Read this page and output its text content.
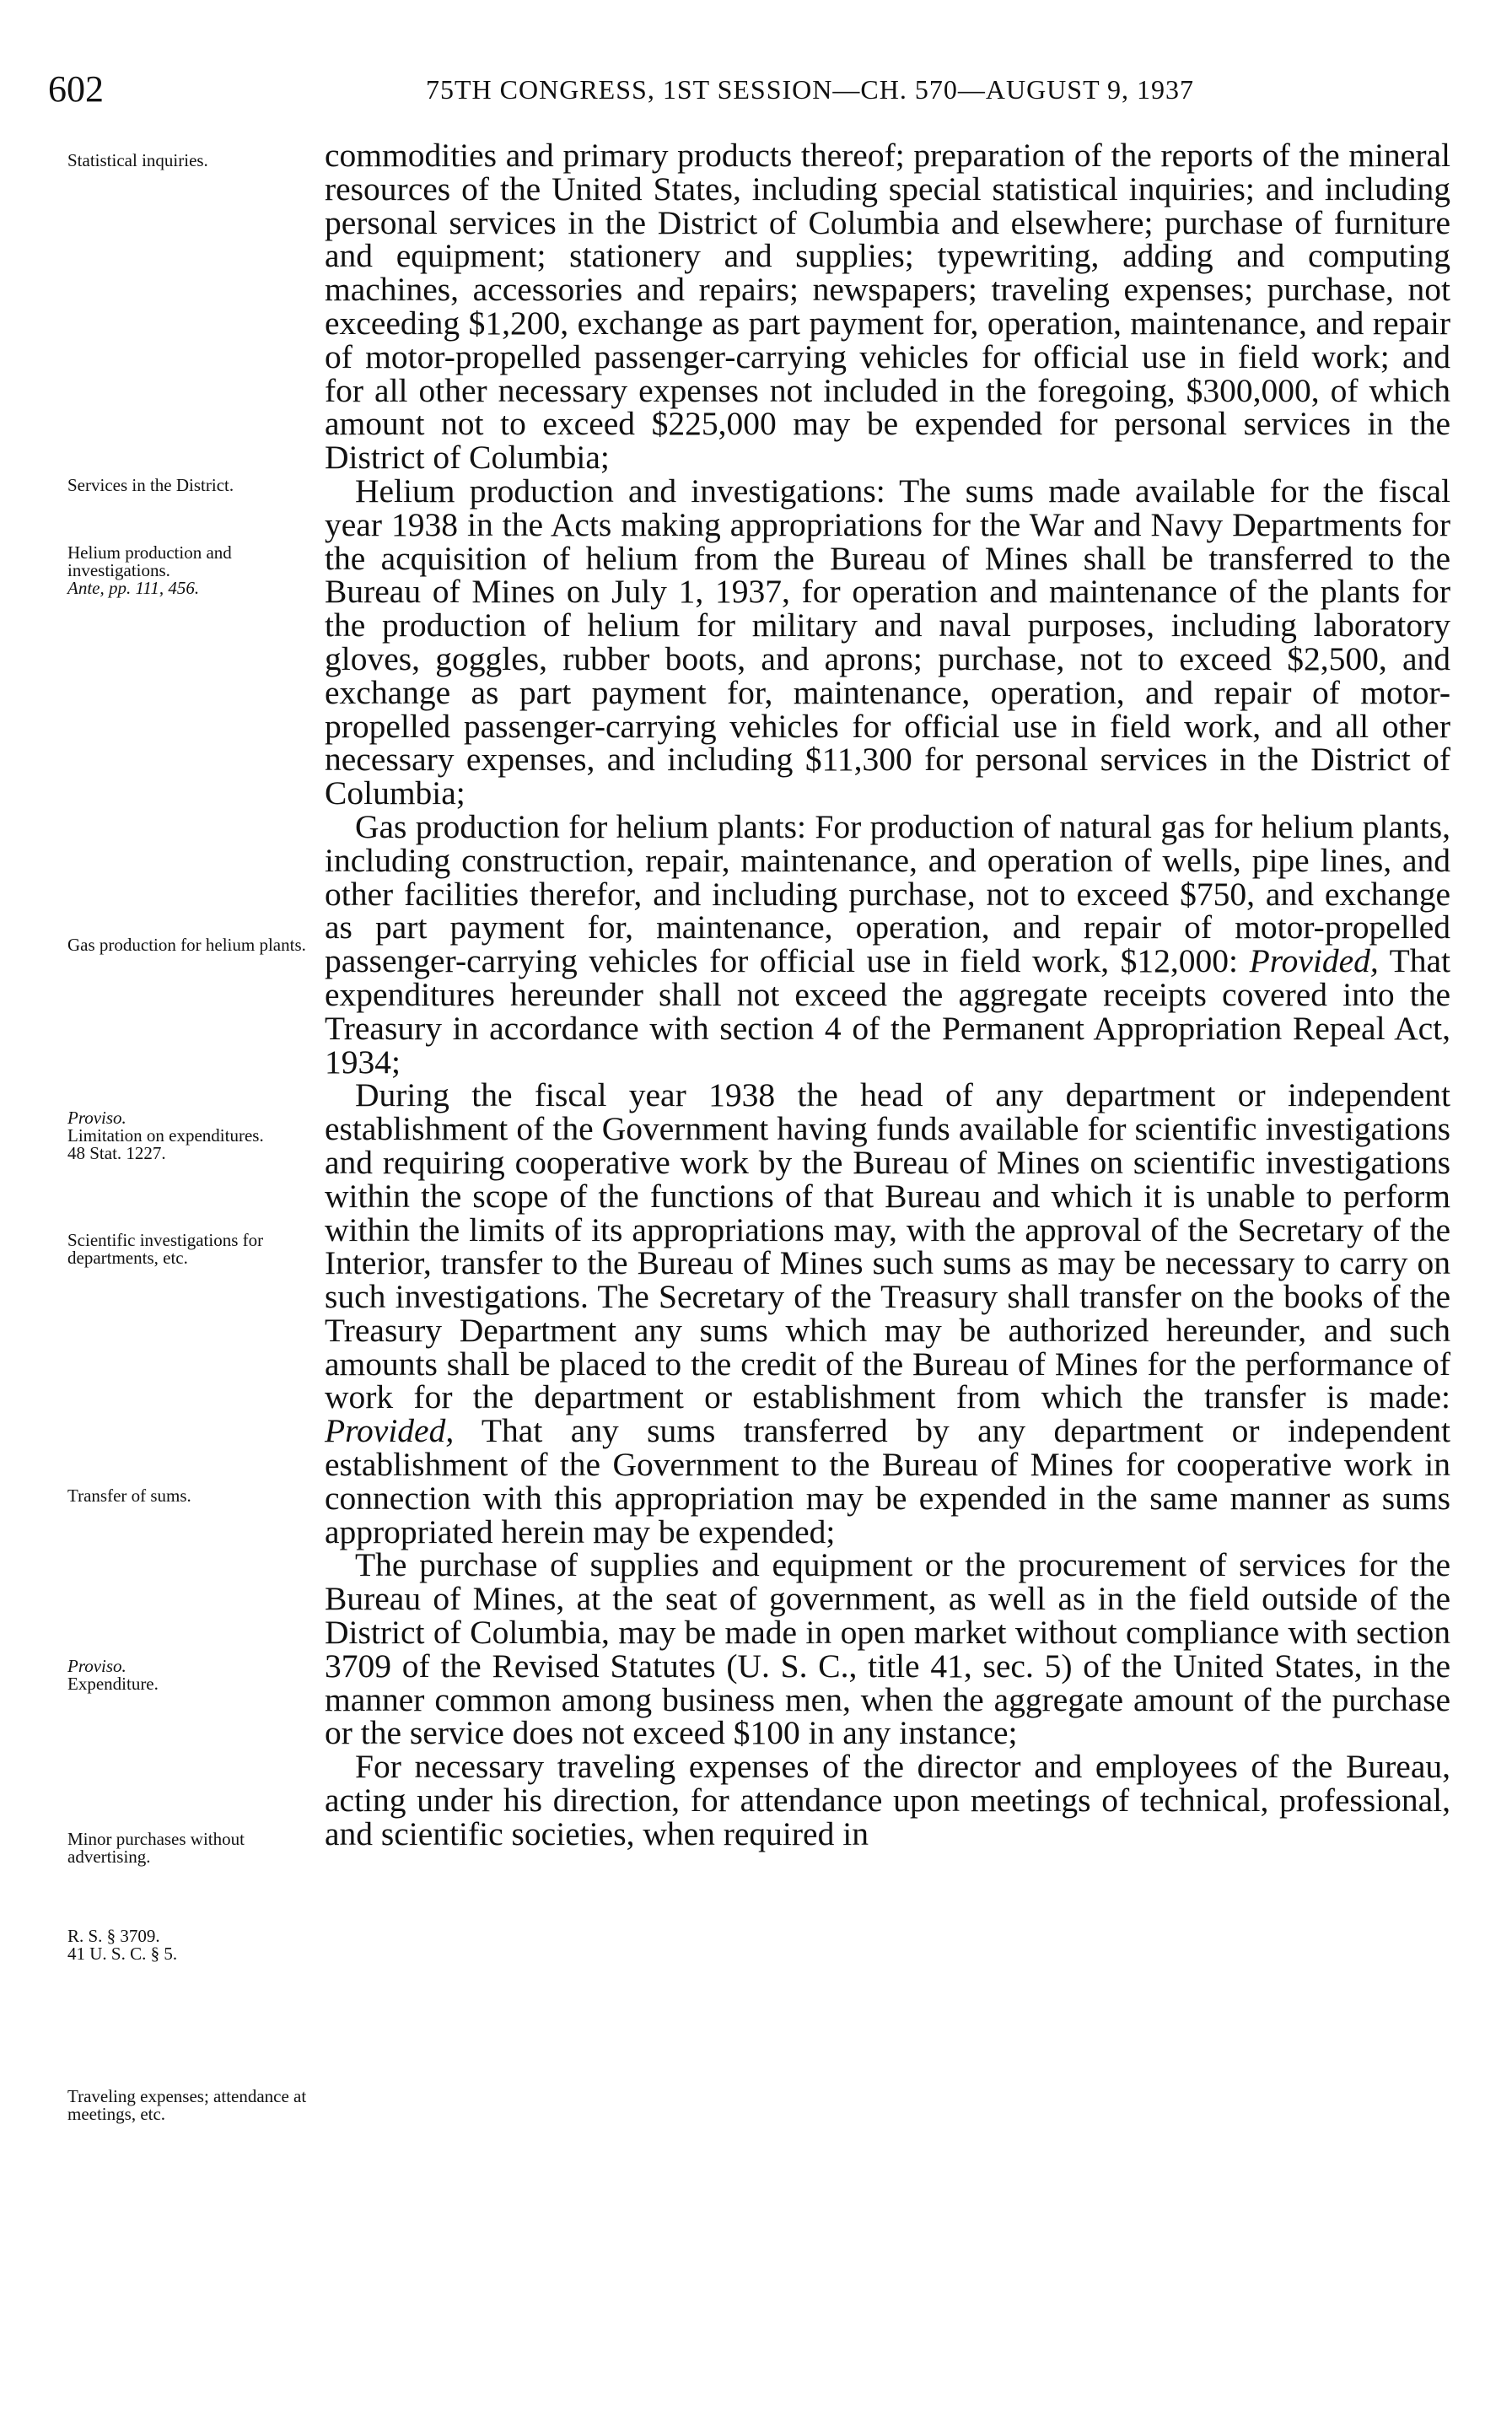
602	75TH CONGRESS, 1ST SESSION—CH. 570—AUGUST 9, 1937
Statistical inquiries.
Services in the District.
Helium production and investigations.
Ante, pp. 111, 456.
Gas production for helium plants.
Proviso.
Limitation on expenditures.
48 Stat. 1227.
Scientific investigations for departments, etc.
Transfer of sums.
Proviso.
Expenditure.
Minor purchases without advertising.
R. S. § 3709.
41 U. S. C. § 5.
Traveling expenses; attendance at meetings, etc.

commodities and primary products thereof; preparation of the reports of the mineral resources of the United States, including special statistical inquiries; and including personal services in the District of Columbia and elsewhere; purchase of furniture and equipment; stationery and supplies; typewriting, adding and computing machines, accessories and repairs; newspapers; traveling expenses; purchase, not exceeding $1,200, exchange as part payment for, operation, maintenance, and repair of motor-propelled passenger-carrying vehicles for official use in field work; and for all other necessary expenses not included in the foregoing, $300,000, of which amount not to exceed $225,000 may be expended for personal services in the District of Columbia;

Helium production and investigations: The sums made available for the fiscal year 1938 in the Acts making appropriations for the War and Navy Departments for the acquisition of helium from the Bureau of Mines shall be transferred to the Bureau of Mines on July 1, 1937, for operation and maintenance of the plants for the production of helium for military and naval purposes, including laboratory gloves, goggles, rubber boots, and aprons; purchase, not to exceed $2,500, and exchange as part payment for, maintenance, operation, and repair of motor-propelled passenger-carrying vehicles for official use in field work, and all other necessary expenses, and including $11,300 for personal services in the District of Columbia;

Gas production for helium plants: For production of natural gas for helium plants, including construction, repair, maintenance, and operation of wells, pipe lines, and other facilities therefor, and including purchase, not to exceed $750, and exchange as part payment for, maintenance, operation, and repair of motor-propelled passenger-carrying vehicles for official use in field work, $12,000: Provided, That expenditures hereunder shall not exceed the aggregate receipts covered into the Treasury in accordance with section 4 of the Permanent Appropriation Repeal Act, 1934;

During the fiscal year 1938 the head of any department or independent establishment of the Government having funds available for scientific investigations and requiring cooperative work by the Bureau of Mines on scientific investigations within the scope of the functions of that Bureau and which it is unable to perform within the limits of its appropriations may, with the approval of the Secretary of the Interior, transfer to the Bureau of Mines such sums as may be necessary to carry on such investigations. The Secretary of the Treasury shall transfer on the books of the Treasury Department any sums which may be authorized hereunder, and such amounts shall be placed to the credit of the Bureau of Mines for the performance of work for the department or establishment from which the transfer is made: Provided, That any sums transferred by any department or independent establishment of the Government to the Bureau of Mines for cooperative work in connection with this appropriation may be expended in the same manner as sums appropriated herein may be expended;

The purchase of supplies and equipment or the procurement of services for the Bureau of Mines, at the seat of government, as well as in the field outside of the District of Columbia, may be made in open market without compliance with section 3709 of the Revised Statutes (U. S. C., title 41, sec. 5) of the United States, in the manner common among business men, when the aggregate amount of the purchase or the service does not exceed $100 in any instance;

For necessary traveling expenses of the director and employees of the Bureau, acting under his direction, for attendance upon meetings of technical, professional, and scientific societies, when required in
